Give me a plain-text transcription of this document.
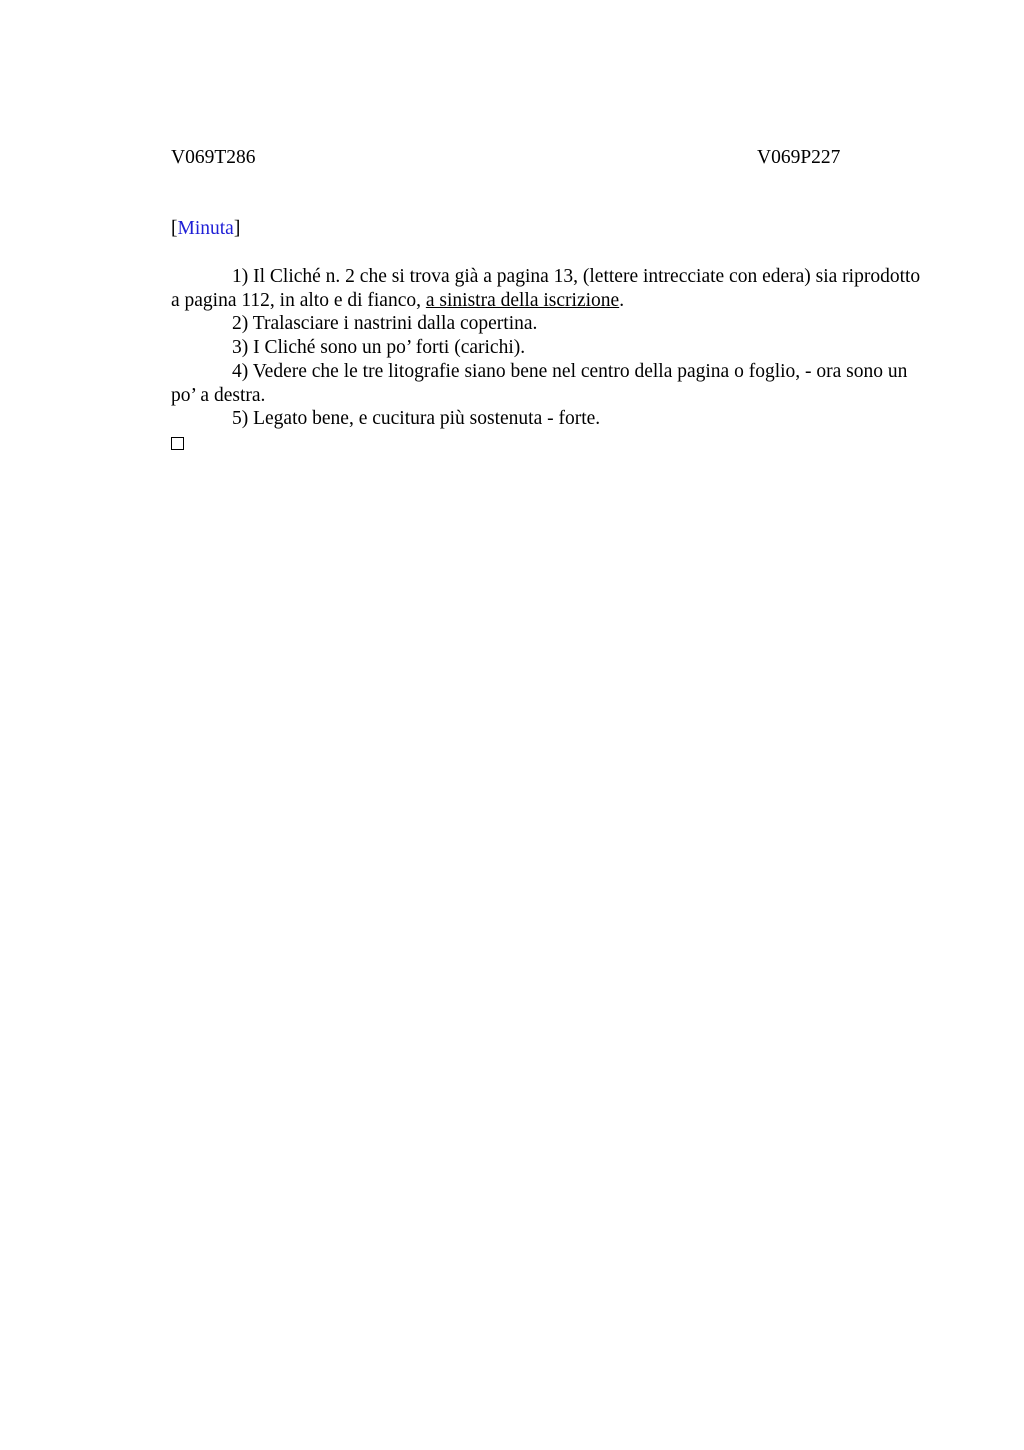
V069T286	V069P227
[Minuta]

1) Il Cliché n. 2 che si trova già a pagina 13, (lettere intrecciate con edera) sia riprodotto a pagina 112, in alto e di fianco, a sinistra della iscrizione.

2) Tralasciare i nastrini dalla copertina.

3) I Cliché sono un po’ forti (carichi).

4) Vedere che le tre litografie siano bene nel centro della pagina o foglio, - ora sono un po’ a destra.

5) Legato bene, e cucitura più sostenuta - forte.
